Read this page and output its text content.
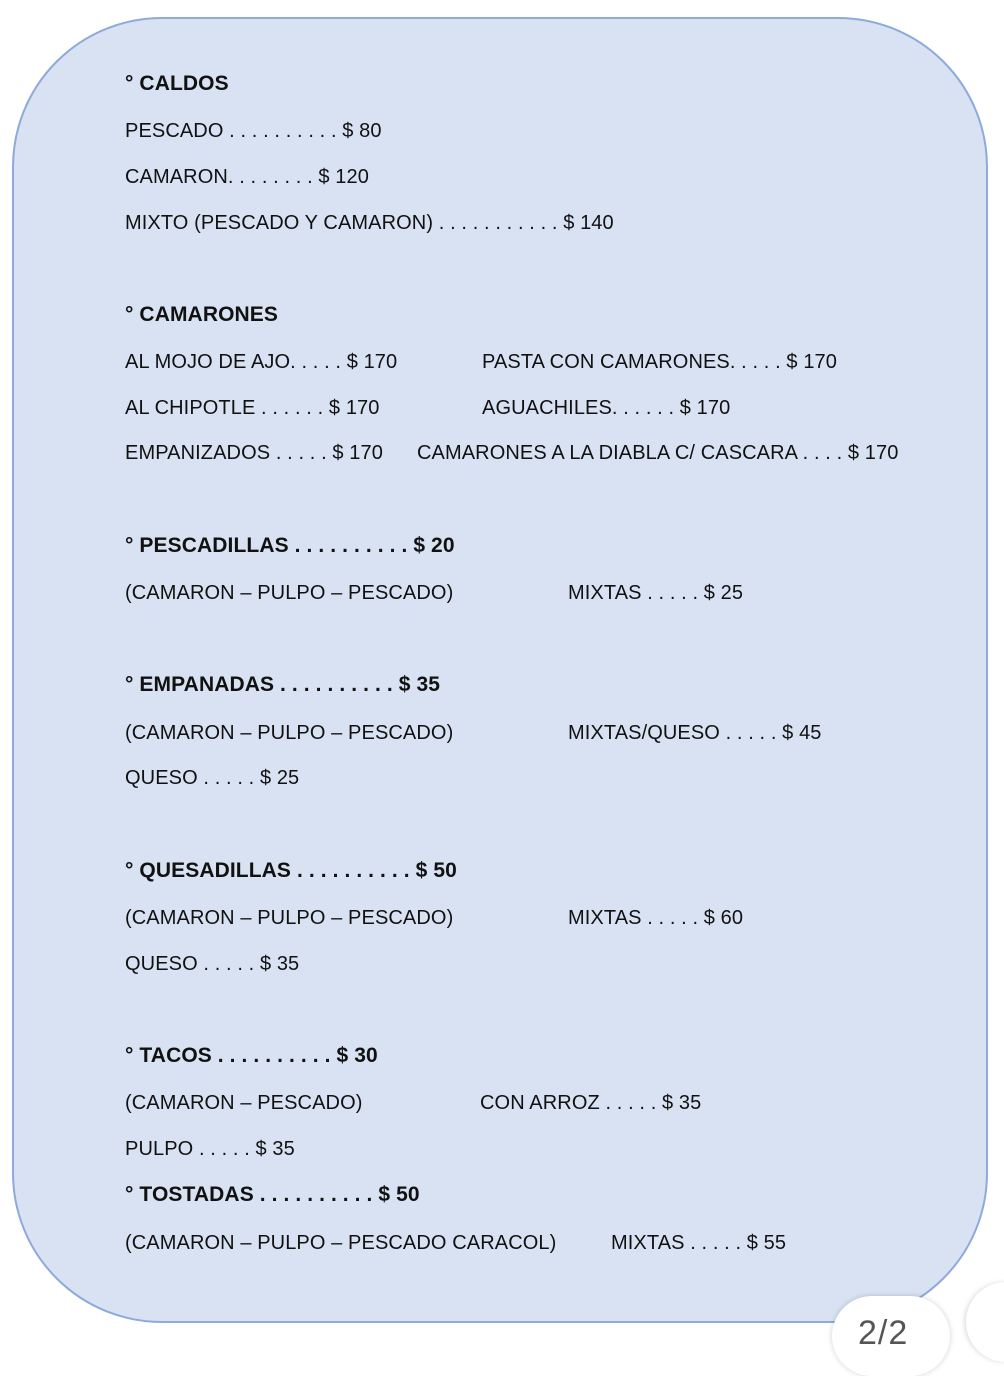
° CALDOS
PESCADO . . . . . . . . . . $ 80
CAMARON. . . . . . . . $ 120
MIXTO (PESCADO Y CAMARON) . . . . . . . . . . . $ 140
° CAMARONES
AL MOJO DE AJO. . . . . $ 170	PASTA CON CAMARONES. . . . . $ 170
AL CHIPOTLE . . . . . . $ 170	AGUACHILES. . . . . . $ 170
EMPANIZADOS . . . . . $ 170 CAMARONES A LA DIABLA C/ CASCARA . . . . $ 170
° PESCADILLAS . . . . . . . . . . $ 20
(CAMARON – PULPO – PESCADO)	MIXTAS . . . . . $ 25
° EMPANADAS . . . . . . . . . . $ 35
(CAMARON – PULPO – PESCADO)	MIXTAS/QUESO . . . . . $ 45
QUESO . . . . . $ 25
° QUESADILLAS . . . . . . . . . . $ 50
(CAMARON – PULPO – PESCADO)	MIXTAS . . . . . $ 60
QUESO . . . . . $ 35
° TACOS . . . . . . . . . . $ 30
(CAMARON – PESCADO)	CON ARROZ . . . . . $ 35
PULPO . . . . . $ 35
° TOSTADAS . . . . . . . . . . $ 50
(CAMARON – PULPO – PESCADO CARACOL)	MIXTAS . . . . . $ 55
2/2
